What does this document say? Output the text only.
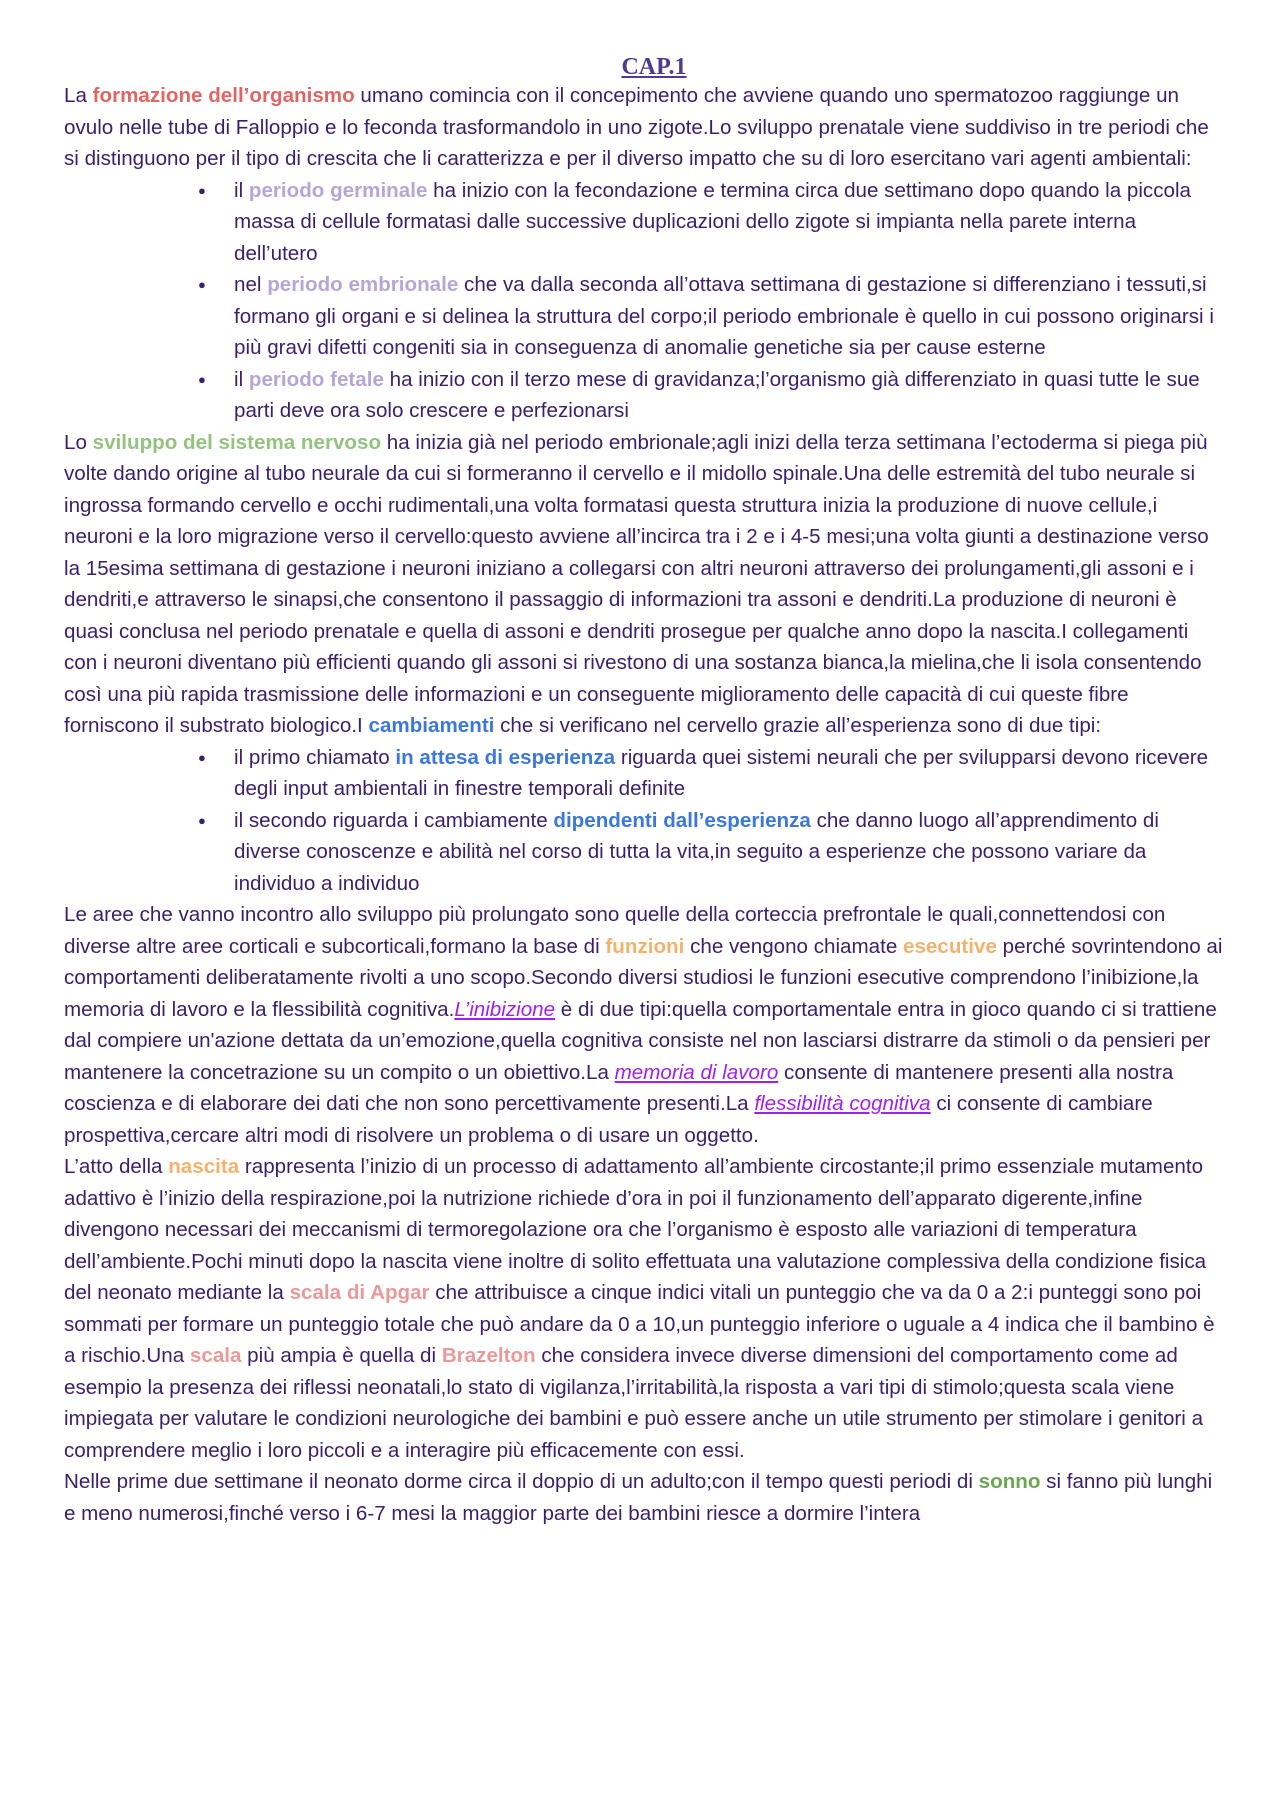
CAP.1

La formazione dell’organismo umano comincia con il concepimento che avviene quando uno spermatozoo raggiunge un ovulo nelle tube di Falloppio e lo feconda trasformandolo in uno zigote.Lo sviluppo prenatale viene suddiviso in tre periodi che si distinguono per il tipo di crescita che li caratterizza e per il diverso impatto che su di loro esercitano vari agenti ambientali:

● il periodo germinale ha inizio con la fecondazione e termina circa due settimano dopo quando la piccola massa di cellule formatasi dalle successive duplicazioni dello zigote si impianta nella parete interna dell’utero
● nel periodo embrionale che va dalla seconda all’ottava settimana di gestazione si differenziano i tessuti,si formano gli organi e si delinea la struttura del corpo;il periodo embrionale è quello in cui possono originarsi i più gravi difetti congeniti sia in conseguenza di anomalie genetiche sia per cause esterne
● il periodo fetale ha inizio con il terzo mese di gravidanza;l’organismo già differenziato in quasi tutte le sue parti deve ora solo crescere e perfezionarsi

Lo sviluppo del sistema nervoso ha inizia già nel periodo embrionale;agli inizi della terza settimana l’ectoderma si piega più volte dando origine al tubo neurale da cui si formeranno il cervello e il midollo spinale.Una delle estremità del tubo neurale si ingrossa formando cervello e occhi rudimentali,una volta formatasi questa struttura inizia la produzione di nuove cellule,i neuroni e la loro migrazione verso il cervello:questo avviene all’incirca tra i 2 e i 4-5 mesi;una volta giunti a destinazione verso la 15esima settimana di gestazione i neuroni iniziano a collegarsi con altri neuroni attraverso dei prolungamenti,gli assoni e i dendriti,e attraverso le sinapsi,che consentono il passaggio di informazioni tra assoni e dendriti.La produzione di neuroni è quasi conclusa nel periodo prenatale e quella di assoni e dendriti prosegue per qualche anno dopo la nascita.I collegamenti con i neuroni diventano più efficienti quando gli assoni si rivestono di una sostanza bianca,la mielina,che li isola consentendo così una più rapida trasmissione delle informazioni e un conseguente miglioramento delle capacità di cui queste fibre forniscono il substrato biologico.I cambiamenti che si verificano nel cervello grazie all’esperienza sono di due tipi:

● il primo chiamato in attesa di esperienza riguarda quei sistemi neurali che per svilupparsi devono ricevere degli input ambientali in finestre temporali definite
● il secondo riguarda i cambiamente dipendenti dall’esperienza che danno luogo all’apprendimento di diverse conoscenze e abilità nel corso di tutta la vita,in seguito a esperienze che possono variare da individuo a individuo

Le aree che vanno incontro allo sviluppo più prolungato sono quelle della corteccia prefrontale le quali,connettendosi con diverse altre aree corticali e subcorticali,formano la base di funzioni che vengono chiamate esecutive perché sovrintendono ai comportamenti deliberatamente rivolti a uno scopo.Secondo diversi studiosi le funzioni esecutive comprendono l’inibizione,la memoria di lavoro e la flessibilità cognitiva.L’inibizione è di due tipi:quella comportamentale entra in gioco quando ci si trattiene dal compiere un'azione dettata da un’emozione,quella cognitiva consiste nel non lasciarsi distrarre da stimoli o da pensieri per mantenere la concetrazione su un compito o un obiettivo.La memoria di lavoro consente di mantenere presenti alla nostra coscienza e di elaborare dei dati che non sono percettivamente presenti.La flessibilità cognitiva ci consente di cambiare prospettiva,cercare altri modi di risolvere un problema o di usare un oggetto.

L’atto della nascita rappresenta l’inizio di un processo di adattamento all’ambiente circostante;il primo essenziale mutamento adattivo è l’inizio della respirazione,poi la nutrizione richiede d’ora in poi il funzionamento dell’apparato digerente,infine divengono necessari dei meccanismi di termoregolazione ora che l’organismo è esposto alle variazioni di temperatura dell’ambiente.Pochi minuti dopo la nascita viene inoltre di solito effettuata una valutazione complessiva della condizione fisica del neonato mediante la scala di Apgar che attribuisce a cinque indici vitali un punteggio che va da 0 a 2:i punteggi sono poi sommati per formare un punteggio totale che può andare da 0 a 10,un punteggio inferiore o uguale a 4 indica che il bambino è a rischio.Una scala più ampia è quella di Brazelton che considera invece diverse dimensioni del comportamento come ad esempio la presenza dei riflessi neonatali,lo stato di vigilanza,l’irritabilità,la risposta a vari tipi di stimolo;questa scala viene impiegata per valutare le condizioni neurologiche dei bambini e può essere anche un utile strumento per stimolare i genitori a comprendere meglio i loro piccoli e a interagire più efficacemente con essi.

Nelle prime due settimane il neonato dorme circa il doppio di un adulto;con il tempo questi periodi di sonno si fanno più lunghi e meno numerosi,finché verso i 6-7 mesi la maggior parte dei bambini riesce a dormire l’intera
